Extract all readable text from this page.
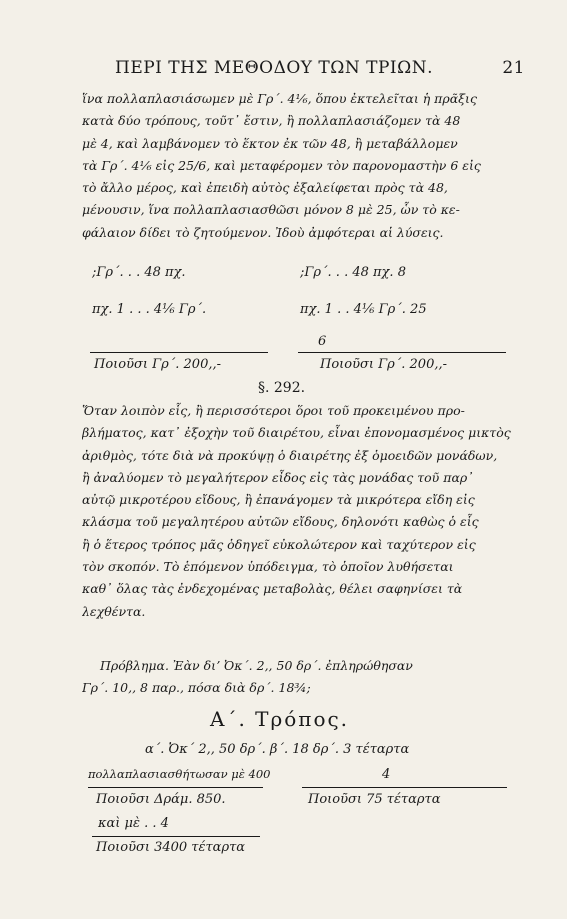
ΠΕΡΙ ΤΗΣ ΜΕΘΟΔΟΥ ΤΩΝ ΤΡΙΩΝ.	21
ἵνα πολλαπλασιάσωμεν μὲ Γρ΄. 4⅙, ὅπου ἐκτελεῖται ἡ πρᾶξις
κατὰ δύο τρόπους, τοῦτ᾽ ἔστιν, ἢ πολλαπλασιάζομεν τὰ 48
μὲ 4, καὶ λαμβάνομεν τὸ ἕκτον ἐκ τῶν 48, ἢ μεταβάλλομεν
τὰ Γρ΄. 4⅙ εἰς 25/6, καὶ μεταφέρομεν τὸν παρονομαστὴν 6 εἰς
τὸ ἄλλο μέρος, καὶ ἐπειδὴ αὐτὸς ἐξαλείφεται πρὸς τὰ 48,
μένουσιν, ἵνα πολλαπλασιασθῶσι μόνον 8 μὲ 25, ὧν τὸ κε-
φάλαιον δίδει τὸ ζητούμενον. Ἰδοὺ ἀμφότεραι αἱ λύσεις.
;Γρ΄. . . 48 πχ.	;Γρ΄. . . 48 πχ. 8
πχ. 1 . . . 4⅙ Γρ΄.	πχ. 1 . . 4⅙ Γρ΄. 25
6
Ποιοῦσι Γρ΄. 200,,-	Ποιοῦσι Γρ΄. 200,,-
§. 292.
Ὅταν λοιπὸν εἷς, ἢ περισσότεροι ὅροι τοῦ προκειμένου προ-
βλήματος, κατ᾽ ἐξοχὴν τοῦ διαιρέτου, εἶναι ἐπονομασμένος μικτὸς
ἀριθμὸς, τότε διὰ νὰ προκύψῃ ὁ διαιρέτης ἐξ ὁμοειδῶν μονάδων,
ἢ ἀναλύομεν τὸ μεγαλήτερον εἶδος εἰς τὰς μονάδας τοῦ παρ᾽
αὐτῷ μικροτέρου εἴδους, ἢ ἐπανάγομεν τὰ μικρότερα εἴδη εἰς
κλάσμα τοῦ μεγαλητέρου αὐτῶν εἴδους, δηλονότι καθὼς ὁ εἷς
ἢ ὁ ἕτερος τρόπος μᾶς ὁδηγεῖ εὐκολώτερον καὶ ταχύτερον εἰς
τὸν σκοπόν. Τὸ ἑπόμενον ὑπόδειγμα, τὸ ὁποῖον λυθήσεται
καθ᾽ ὅλας τὰς ἐνδεχομένας μεταβολὰς, θέλει σαφηνίσει τὰ
λεχθέντα.
Πρόβλημα. Ἐὰν διʼ Ὀκ΄. 2,, 50 δρ΄. ἐπληρώθησαν
Γρ΄. 10,, 8 παρ., πόσα διὰ δρ΄. 18¾;
Α΄. Τρόπος.
α΄. Ὀκ΄ 2,, 50 δρ΄. β΄. 18 δρ΄. 3 τέταρτα
πολλαπλασιασθήτωσαν μὲ 400	4
Ποιοῦσι Δράμ. 850.	Ποιοῦσι 75 τέταρτα
καὶ μὲ . . 4
Ποιοῦσι 3400 τέταρτα
